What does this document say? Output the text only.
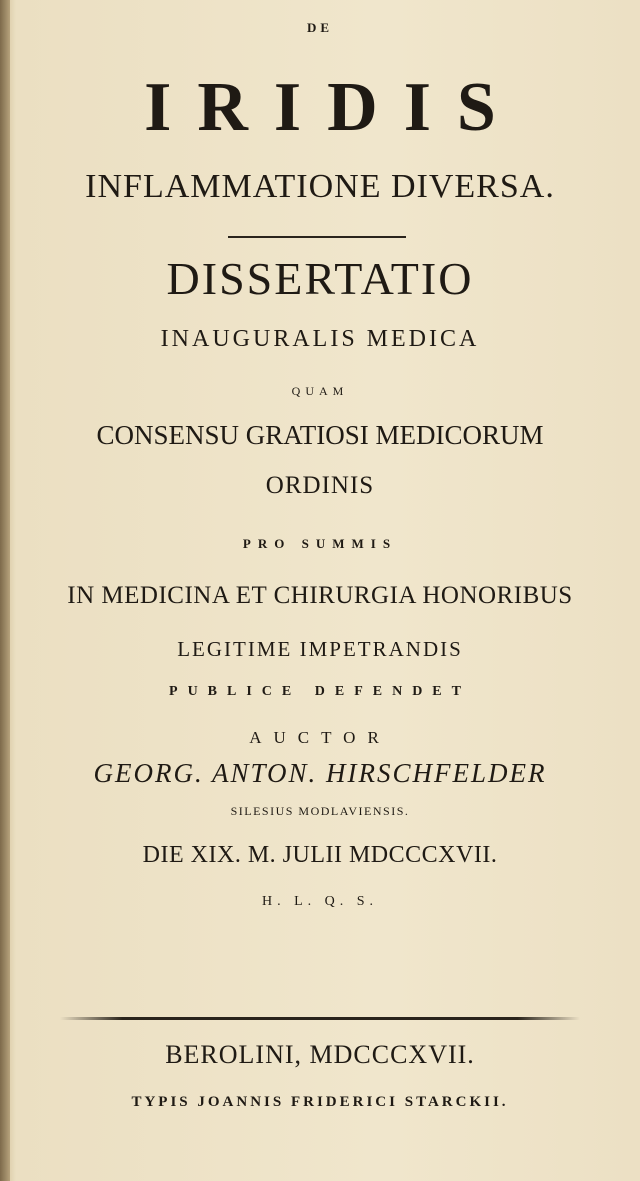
DE
IRIDIS
INFLAMMATIONE DIVERSA.
DISSERTATIO
INAUGURALIS MEDICA
QUAM
CONSENSU GRATIOSI MEDICORUM
ORDINIS
PRO SUMMIS
IN MEDICINA ET CHIRURGIA HONORIBUS
LEGITIME IMPETRANDIS
PUBLICE DEFENDET
AUCTOR
GEORG. ANTON. HIRSCHFELDER
SILESIUS MODLAVIENSIS.
DIE XIX. M. JULII MDCCCXVII.
H. L. Q. S.
BEROLINI, MDCCCXVII.
TYPIS JOANNIS FRIDERICI STARCKII.
